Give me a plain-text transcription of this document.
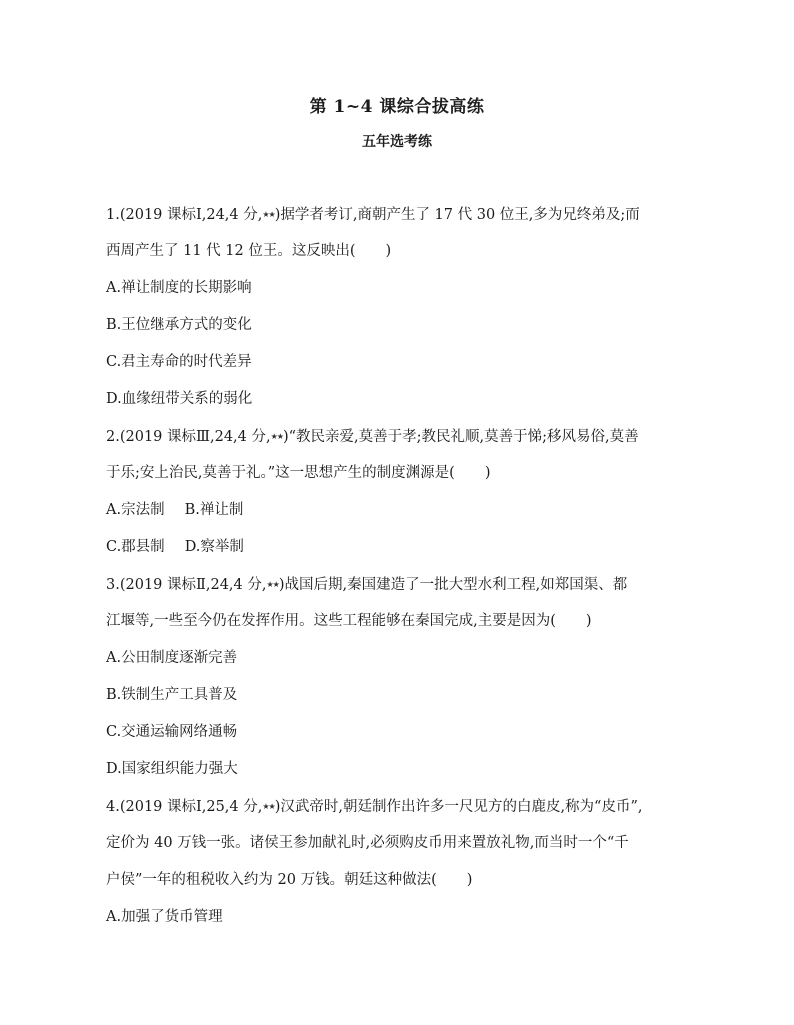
第 1~4 课综合拔高练
五年选考练
1.(2019 课标Ⅰ,24,4 分,★★)据学者考订,商朝产生了 17 代 30 位王,多为兄终弟及;而
西周产生了 11 代 12 位王。这反映出( )
A.禅让制度的长期影响
B.王位继承方式的变化
C.君主寿命的时代差异
D.血缘纽带关系的弱化
2.(2019 课标Ⅲ,24,4 分,★★)“教民亲爱,莫善于孝;教民礼顺,莫善于悌;移风易俗,莫善
于乐;安上治民,莫善于礼。”这一思想产生的制度渊源是( )
A.宗法制 B.禅让制
C.郡县制 D.察举制
3.(2019 课标Ⅱ,24,4 分,★★)战国后期,秦国建造了一批大型水利工程,如郑国渠、都
江堰等,一些至今仍在发挥作用。这些工程能够在秦国完成,主要是因为( )
A.公田制度逐渐完善
B.铁制生产工具普及
C.交通运输网络通畅
D.国家组织能力强大
4.(2019 课标Ⅰ,25,4 分,★★)汉武帝时,朝廷制作出许多一尺见方的白鹿皮,称为“皮币”,
定价为 40 万钱一张。诸侯王参加献礼时,必须购皮币用来置放礼物,而当时一个“千
户侯”一年的租税收入约为 20 万钱。朝廷这种做法( )
A.加强了货币管理
